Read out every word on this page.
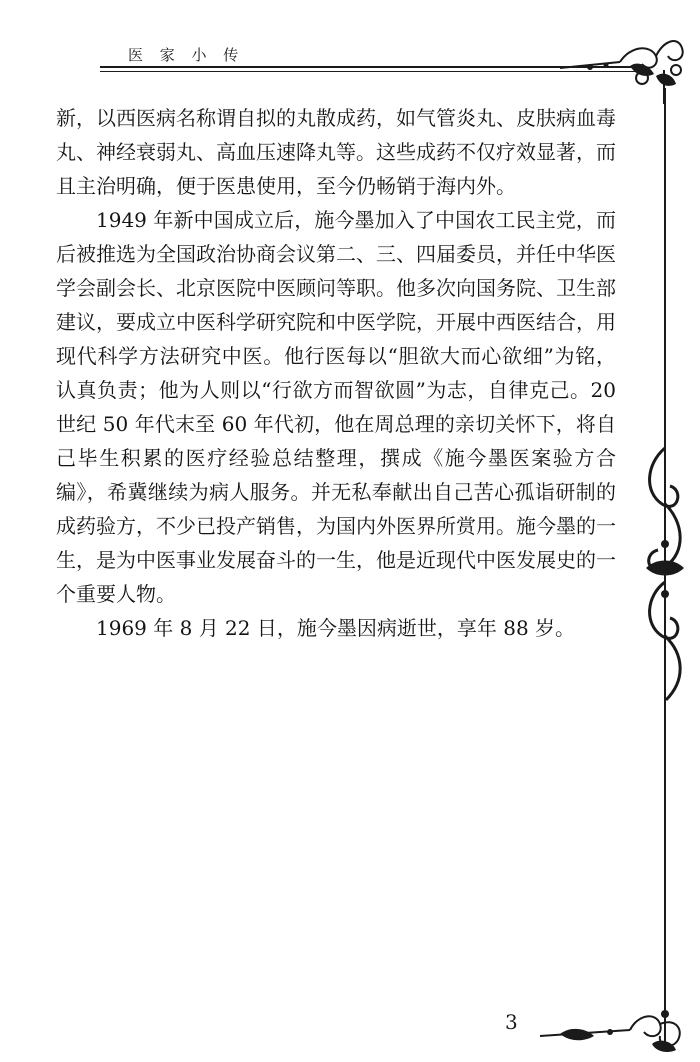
医 家 小 传

新，以西医病名称谓自拟的丸散成药，如气管炎丸、皮肤病血毒丸、神经衰弱丸、高血压速降丸等。这些成药不仅疗效显著，而且主治明确，便于医患使用，至今仍畅销于海内外。

1949 年新中国成立后，施今墨加入了中国农工民主党，而后被推选为全国政治协商会议第二、三、四届委员，并任中华医学会副会长、北京医院中医顾问等职。他多次向国务院、卫生部建议，要成立中医科学研究院和中医学院，开展中西医结合，用现代科学方法研究中医。他行医每以“胆欲大而心欲细”为铭，认真负责；他为人则以“行欲方而智欲圆”为志，自律克己。20 世纪 50 年代末至 60 年代初，他在周总理的亲切关怀下，将自己毕生积累的医疗经验总结整理，撰成《施今墨医案验方合编》，希冀继续为病人服务。并无私奉献出自己苦心孤诣研制的成药验方，不少已投产销售，为国内外医界所赏用。施今墨的一生，是为中医事业发展奋斗的一生，他是近现代中医发展史的一个重要人物。

1969 年 8 月 22 日，施今墨因病逝世，享年 88 岁。

3
